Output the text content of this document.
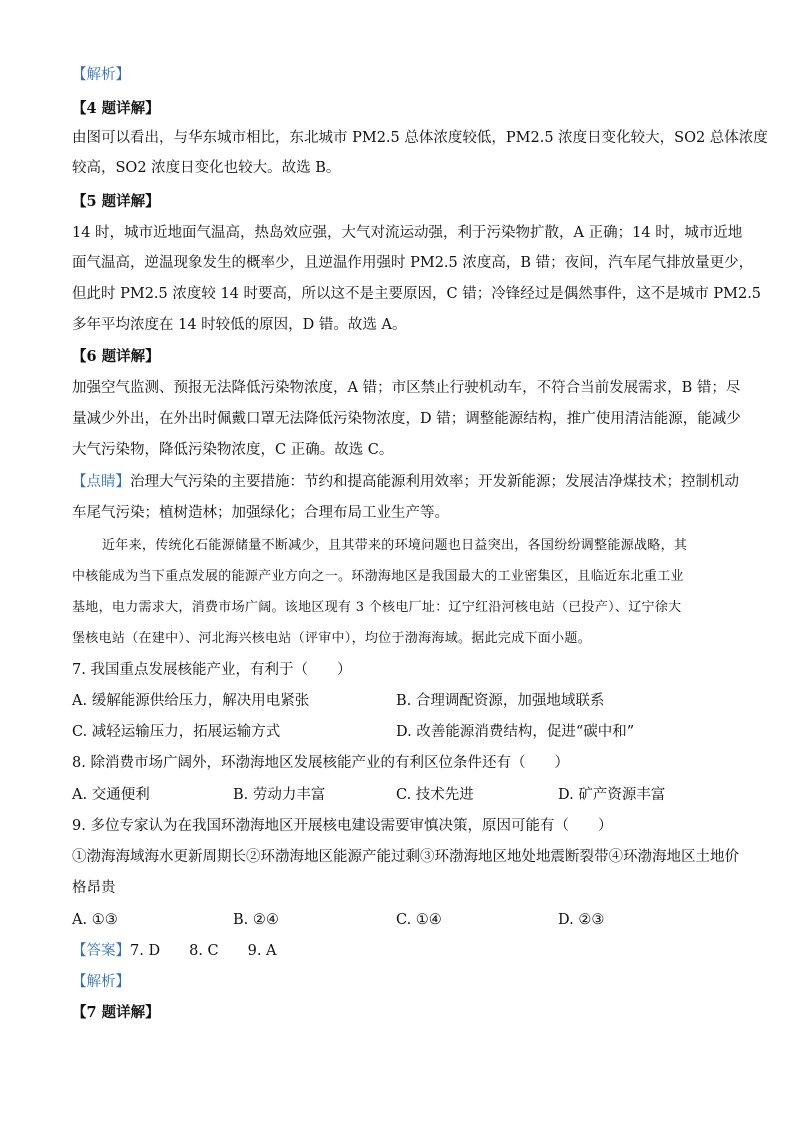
【解析】
【4 题详解】
由图可以看出，与华东城市相比，东北城市 PM2.5 总体浓度较低，PM2.5 浓度日变化较大，SO2 总体浓度
较高，SO2 浓度日变化也较大。故选 B。
【5 题详解】
14 时，城市近地面气温高，热岛效应强，大气对流运动强，利于污染物扩散，A 正确；14 时，城市近地
面气温高，逆温现象发生的概率少，且逆温作用强时 PM2.5 浓度高，B 错；夜间，汽车尾气排放量更少，
但此时 PM2.5 浓度较 14 时要高，所以这不是主要原因，C 错；冷锋经过是偶然事件，这不是城市 PM2.5
多年平均浓度在 14 时较低的原因，D 错。故选 A。
【6 题详解】
加强空气监测、预报无法降低污染物浓度，A 错；市区禁止行驶机动车，不符合当前发展需求，B 错；尽
量减少外出，在外出时佩戴口罩无法降低污染物浓度，D 错；调整能源结构，推广使用清洁能源，能减少
大气污染物，降低污染物浓度，C 正确。故选 C。
【点睛】治理大气污染的主要措施：节约和提高能源利用效率；开发新能源；发展洁净煤技术；控制机动
车尾气污染；植树造林；加强绿化；合理布局工业生产等。
近年来，传统化石能源储量不断减少，且其带来的环境问题也日益突出，各国纷纷调整能源战略，其
中核能成为当下重点发展的能源产业方向之一。环渤海地区是我国最大的工业密集区，且临近东北重工业
基地，电力需求大，消费市场广阔。该地区现有 3 个核电厂址：辽宁红沿河核电站（已投产）、辽宁徐大
堡核电站（在建中）、河北海兴核电站（评审中），均位于渤海海域。据此完成下面小题。
7. 我国重点发展核能产业，有利于（　　）
A. 缓解能源供给压力，解决用电紧张	B. 合理调配资源，加强地域联系
C. 减轻运输压力，拓展运输方式	D. 改善能源消费结构，促进“碳中和”
8. 除消费市场广阔外，环渤海地区发展核能产业的有利区位条件还有（　　）
A. 交通便利	B. 劳动力丰富	C. 技术先进	D. 矿产资源丰富
9. 多位专家认为在我国环渤海地区开展核电建设需要审慎决策，原因可能有（　　）
①渤海海域海水更新周期长②环渤海地区能源产能过剩③环渤海地区地处地震断裂带④环渤海地区土地价
格昂贵
A. ①③	B. ②④	C. ①④	D. ②③
【答案】7. D　　8. C　　9. A
【解析】
【7 题详解】
